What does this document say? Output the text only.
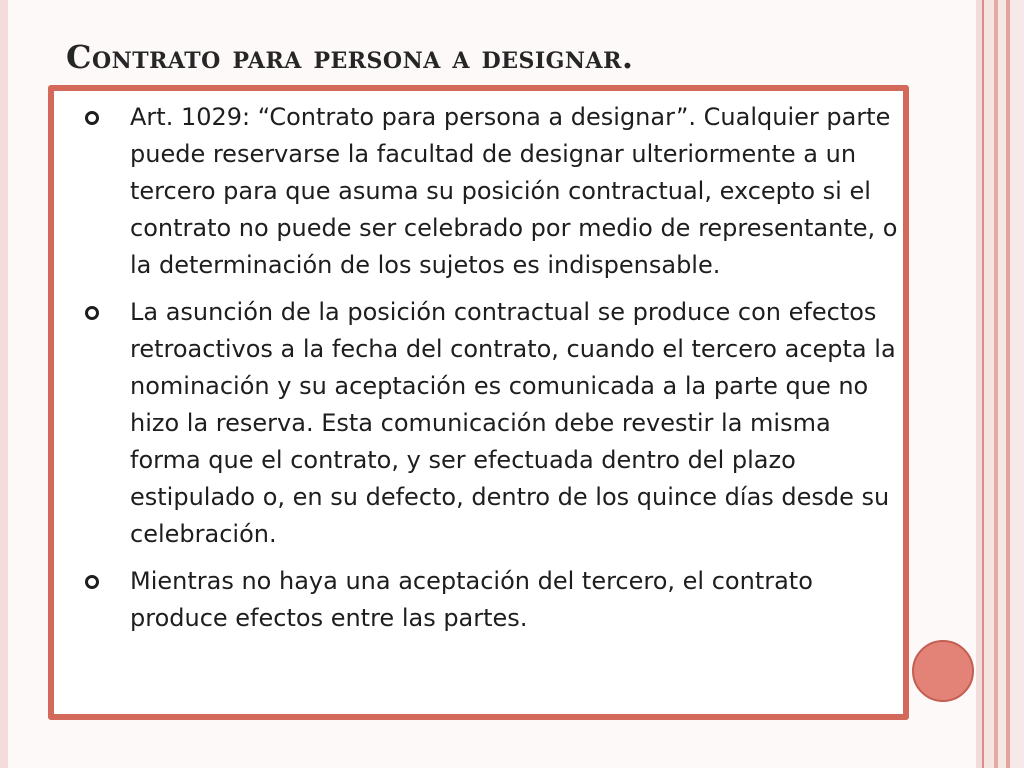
Contrato para persona a designar.
Art. 1029: “Contrato para persona a designar”. Cualquier parte puede reservarse la facultad de designar ulteriormente a un tercero para que asuma su posición contractual, excepto si el contrato no puede ser celebrado por medio de representante, o la determinación de los sujetos es indispensable.
La asunción de la posición contractual se produce con efectos retroactivos a la fecha del contrato, cuando el tercero acepta la nominación y su aceptación es comunicada a la parte que no hizo la reserva. Esta comunicación debe revestir la misma forma que el contrato, y ser efectuada dentro del plazo estipulado o, en su defecto, dentro de los quince días desde su celebración.
Mientras no haya una aceptación del tercero, el contrato produce efectos entre las partes.
